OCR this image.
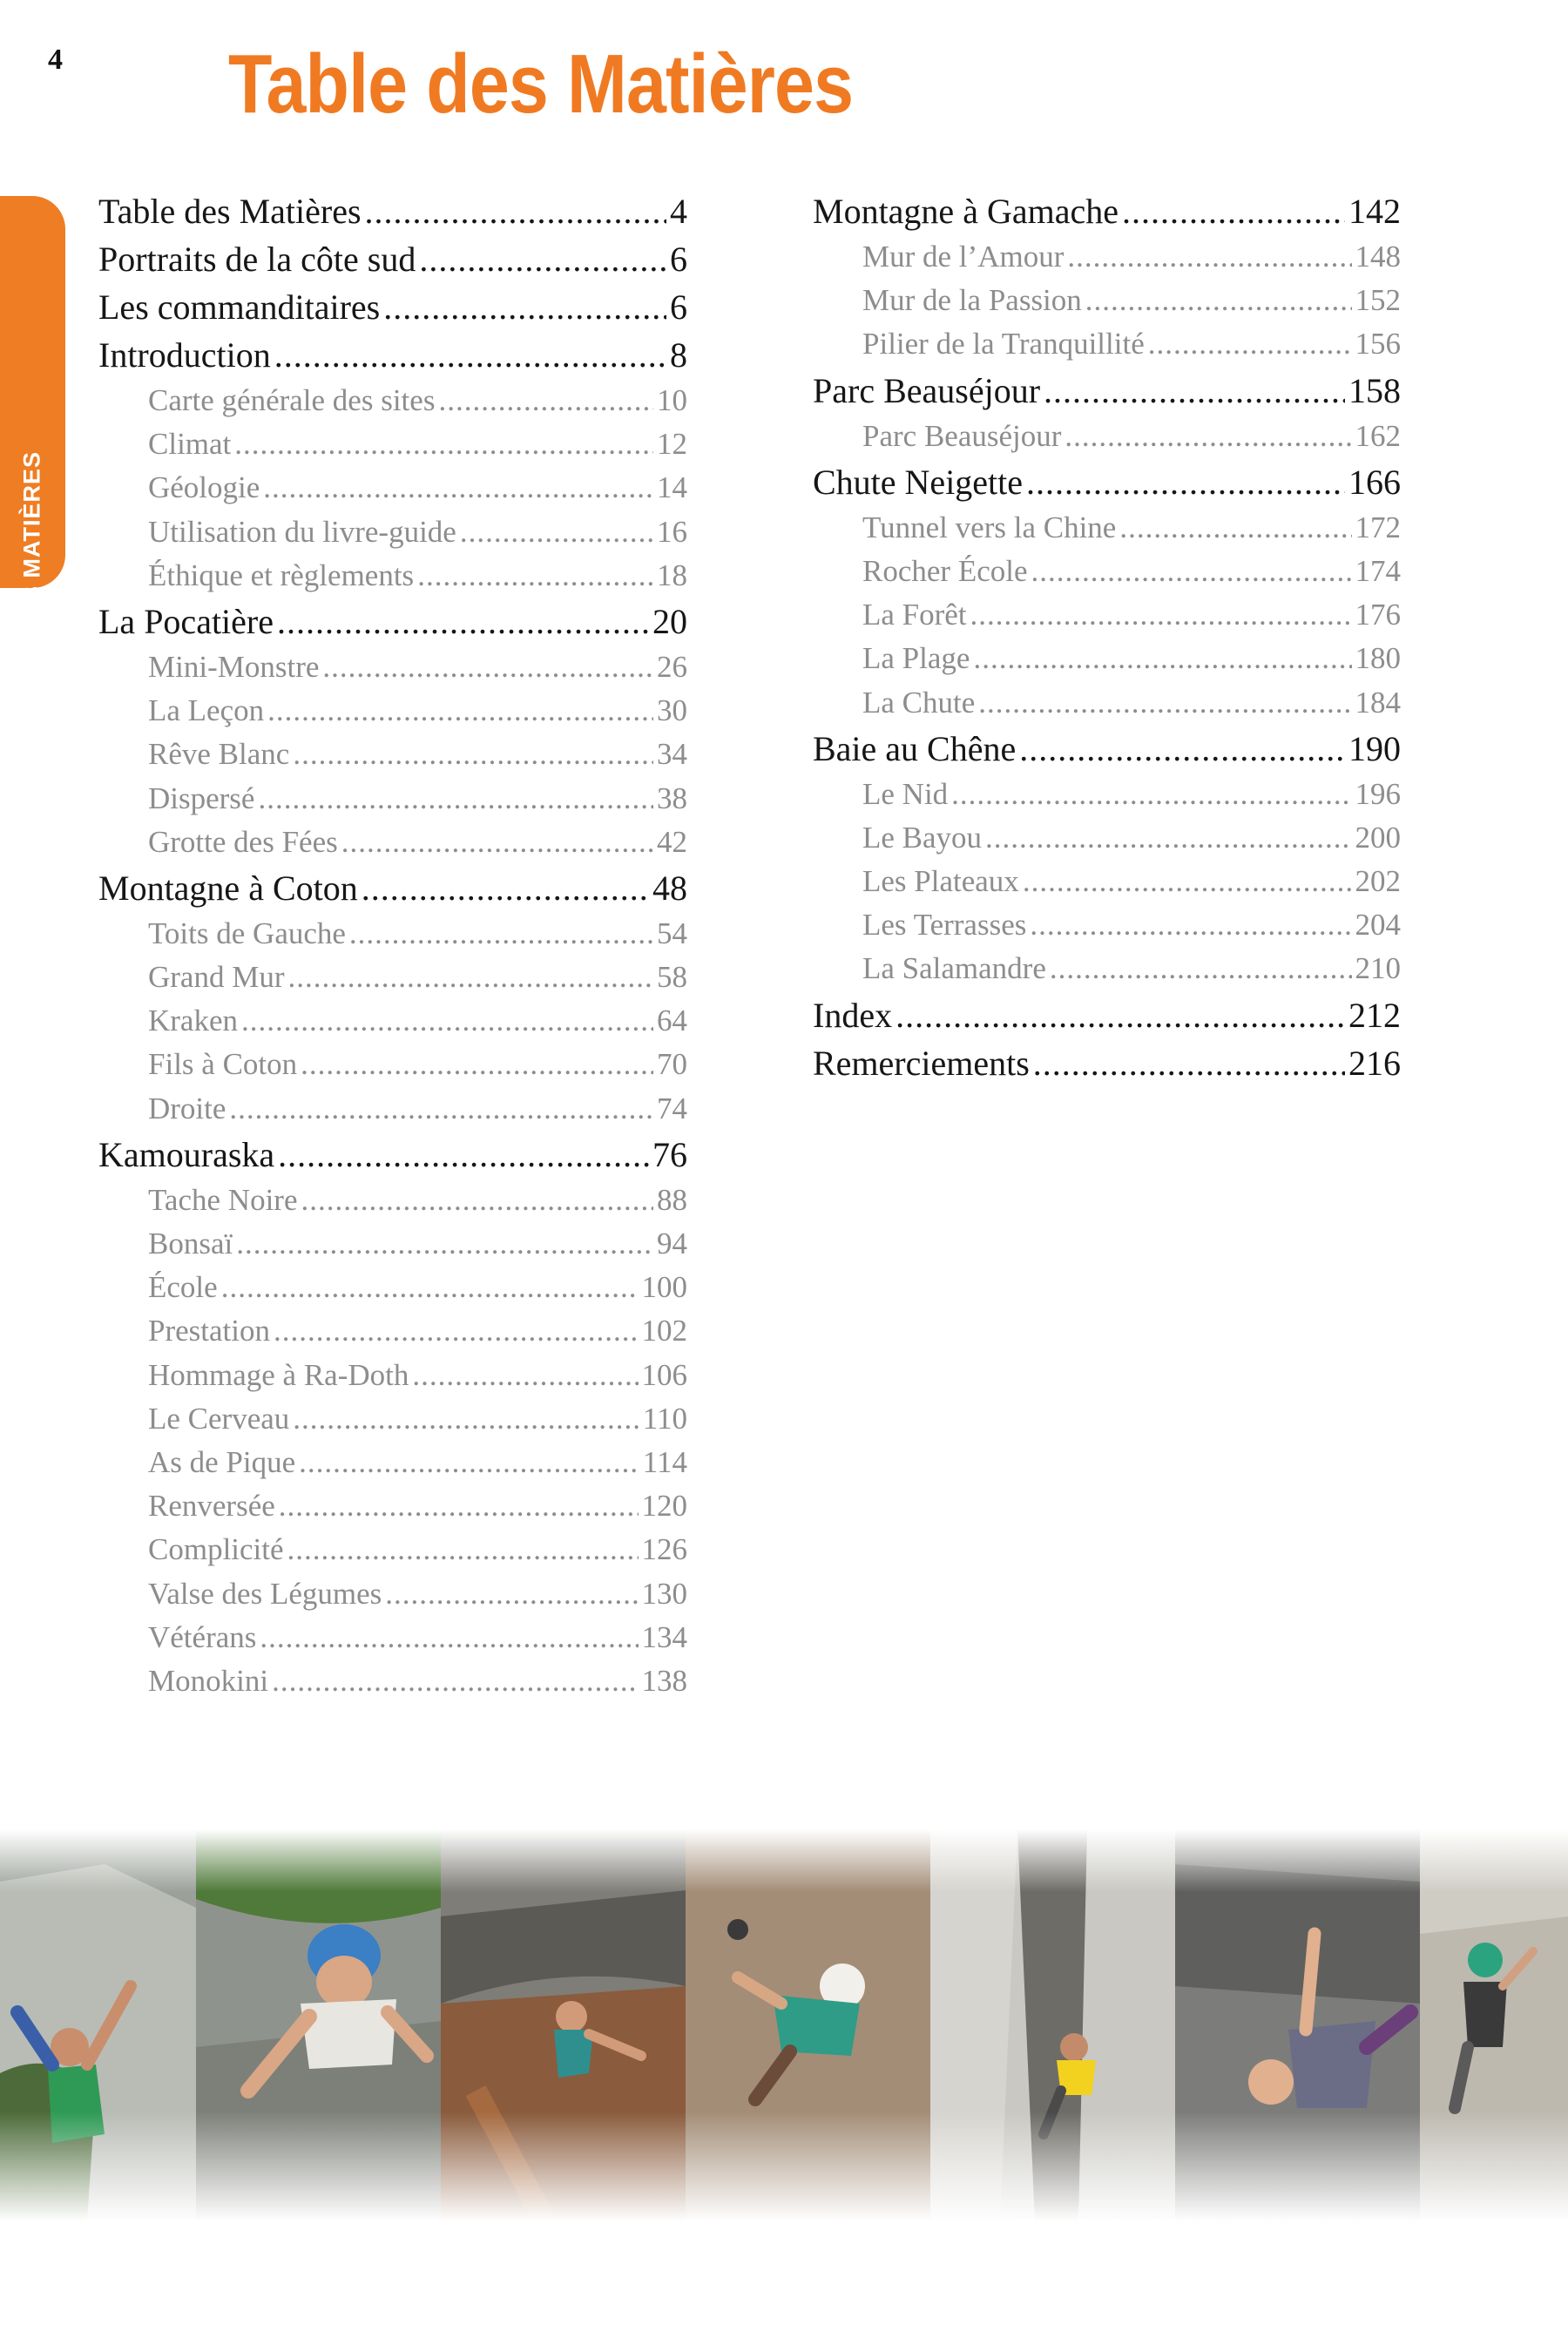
4 Table des Matières
TABLE DES MATIÈRES
Table des Matières .....	4
Portraits de la côte sud .....	6
Les commanditaires .....	6
Introduction .....	8
Carte générale des sites .....	10
Climat .....	12
Géologie .....	14
Utilisation du livre-guide .....	16
Éthique et règlements .....	18
La Pocatière .....	20
Mini-Monstre .....	26
La Leçon .....	30
Rêve Blanc .....	34
Dispersé .....	38
Grotte des Fées .....	42
Montagne à Coton .....	48
Toits de Gauche .....	54
Grand Mur .....	58
Kraken .....	64
Fils à Coton .....	70
Droite .....	74
Kamouraska .....	76
Tache Noire .....	88
Bonsaï .....	94
École .....	100
Prestation .....	102
Hommage à Ra-Doth .....	106
Le Cerveau .....	110
As de Pique .....	114
Renversée .....	120
Complicité .....	126
Valse des Légumes .....	130
Vétérans .....	134
Monokini .....	138
Montagne à Gamache .....	142
Mur de l’Amour .....	148
Mur de la Passion .....	152
Pilier de la Tranquillité .....	156
Parc Beauséjour .....	158
Parc Beauséjour .....	162
Chute Neigette .....	166
Tunnel vers la Chine .....	172
Rocher École .....	174
La Forêt .....	176
La Plage .....	180
La Chute .....	184
Baie au Chêne .....	190
Le Nid .....	196
Le Bayou .....	200
Les Plateaux .....	202
Les Terrasses .....	204
La Salamandre .....	210
Index .....	212
Remerciements .....	216
